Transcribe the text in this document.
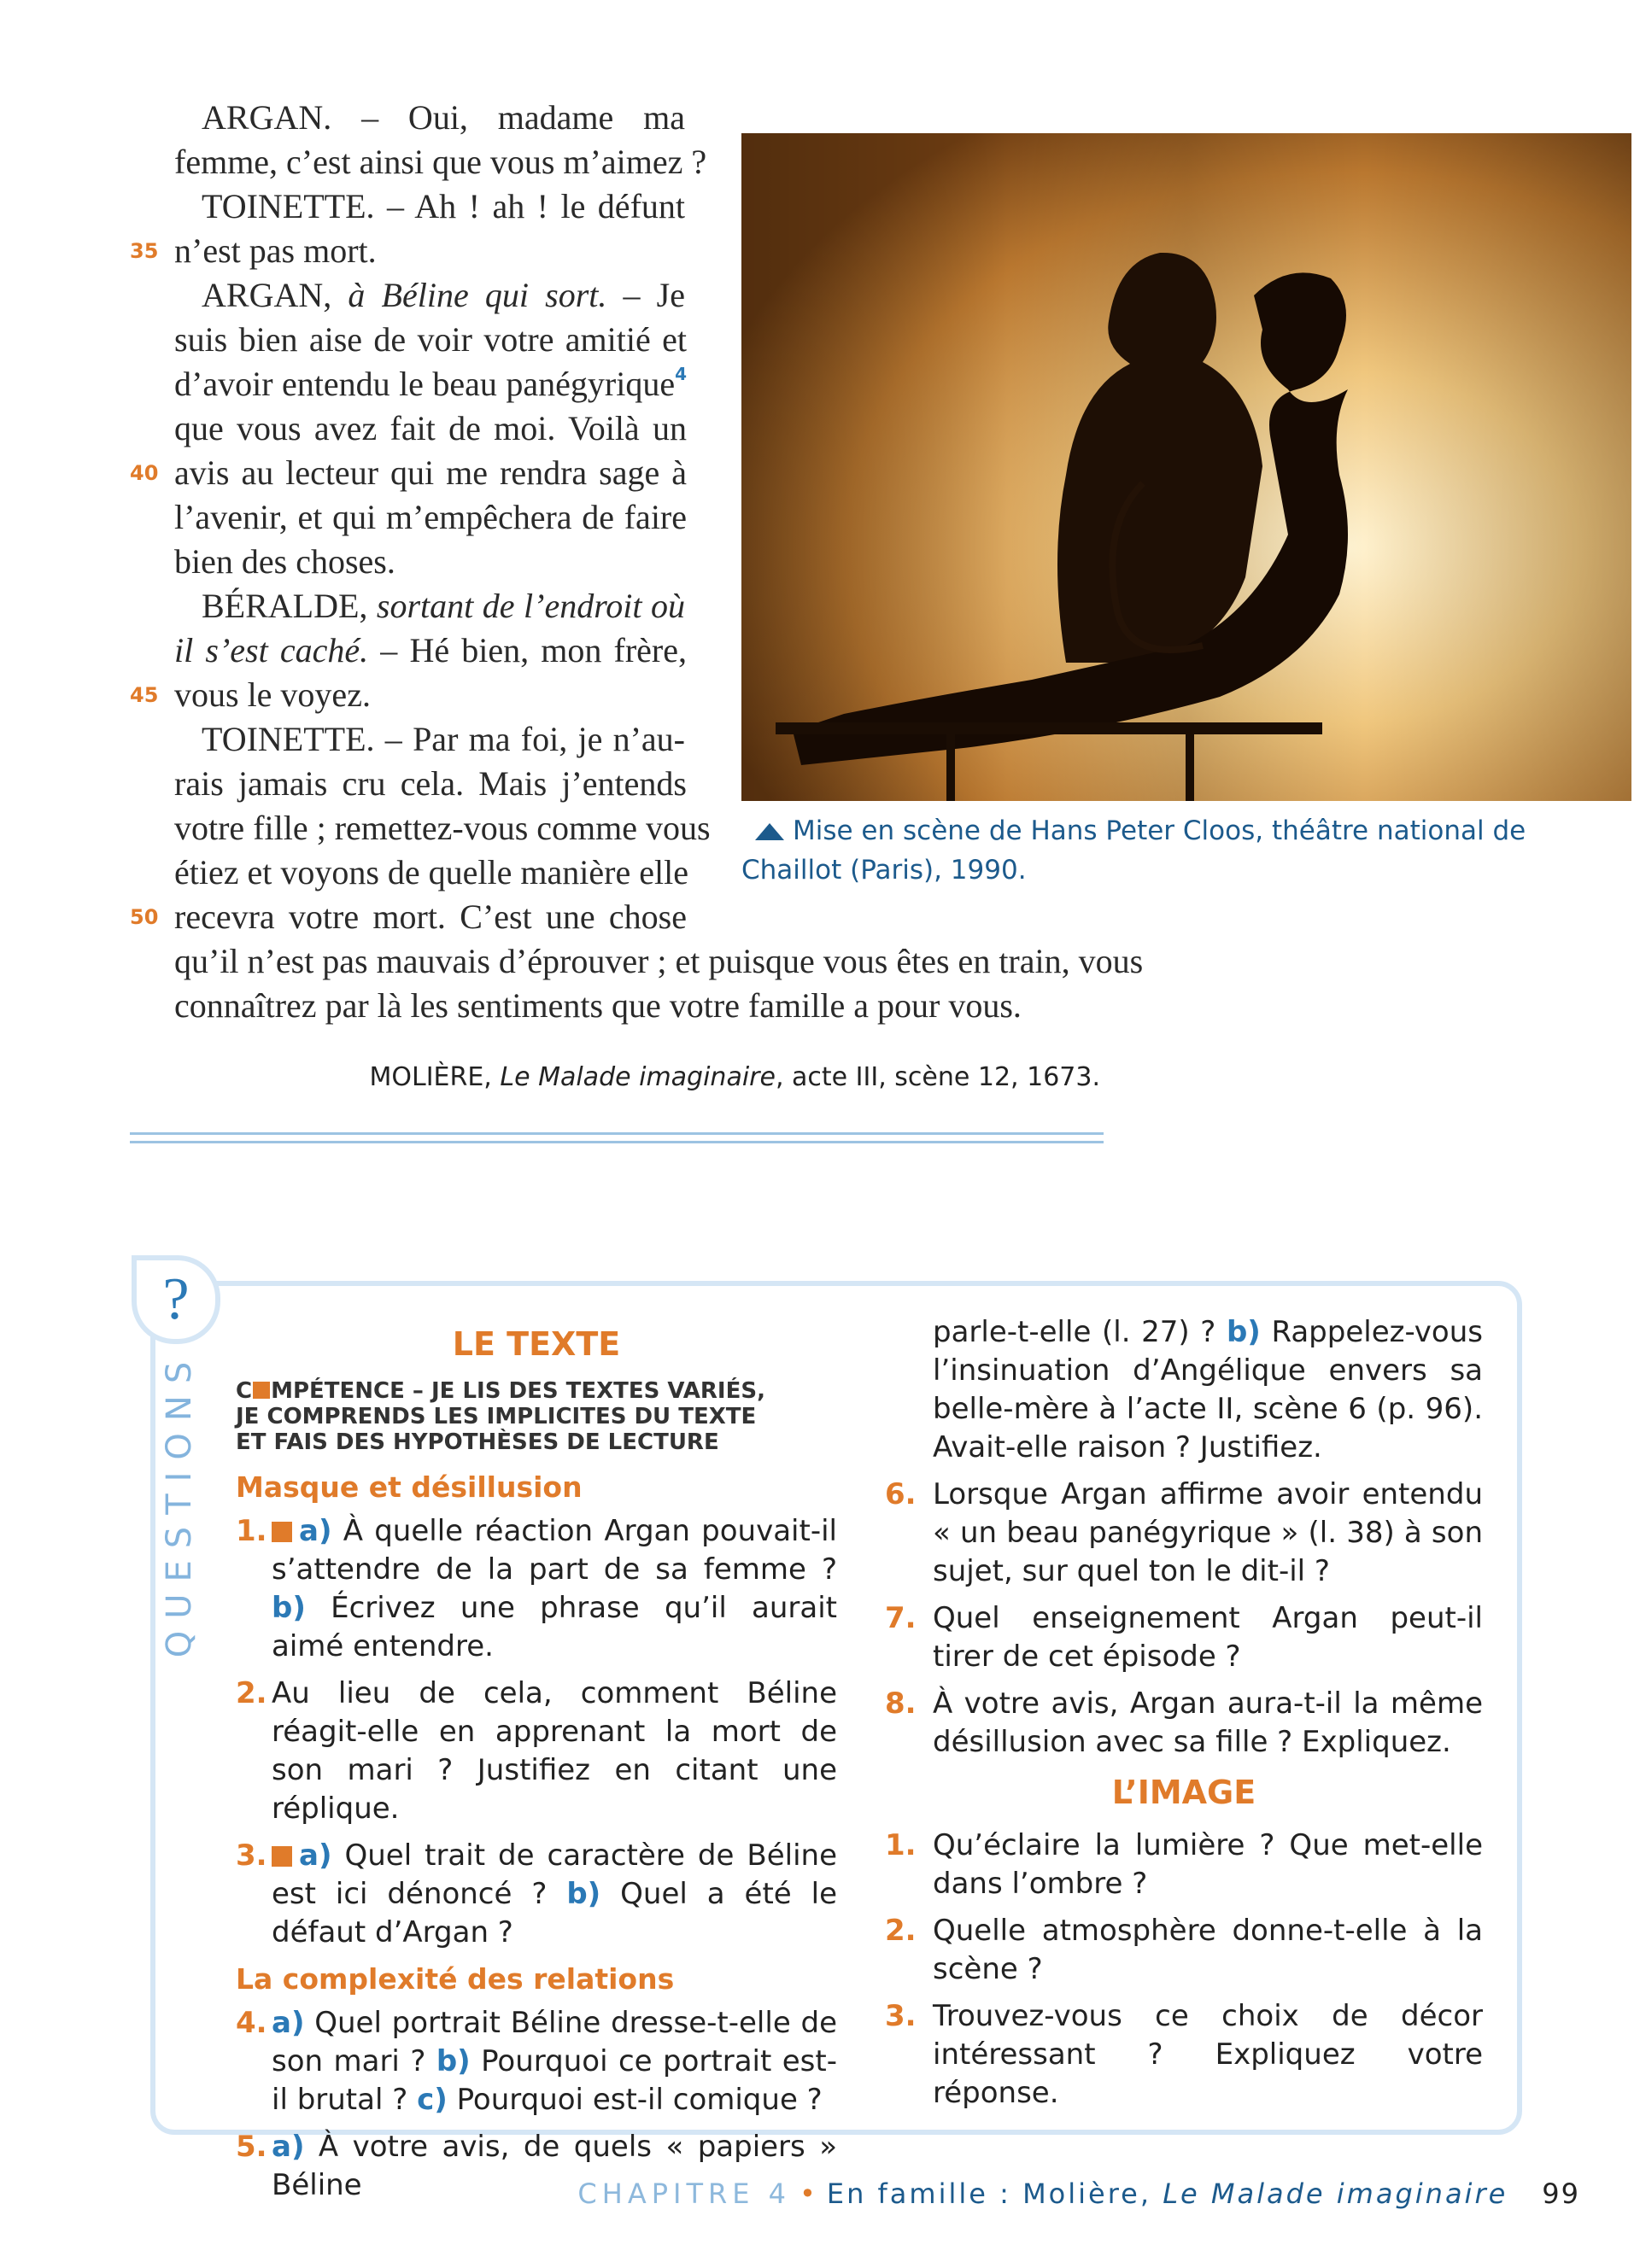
ARGAN. – Oui, madame ma
femme, c’est ainsi que vous m’aimez ?
TOINETTE. – Ah ! ah ! le défunt
35 n’est pas mort.
ARGAN, à Béline qui sort. – Je
suis bien aise de voir votre amitié et
d’avoir entendu le beau panégyrique$^4$
que vous avez fait de moi. Voilà un
40 avis au lecteur qui me rendra sage à
l’avenir, et qui m’empêchera de faire
bien des choses.
BÉRALDE, sortant de l’endroit où
il s’est caché. – Hé bien, mon frère,
45 vous le voyez.
TOINETTE. – Par ma foi, je n’au-
rais jamais cru cela. Mais j’entends
votre fille ; remettez-vous comme vous
étiez et voyons de quelle manière elle
50 recevra votre mort. C’est une chose
qu’il n’est pas mauvais d’éprouver ; et puisque vous êtes en train, vous
connaîtrez par là les sentiments que votre famille a pour vous.
Mise en scène de Hans Peter Cloos, théâtre national de Chaillot (Paris), 1990.
MOLIÈRE, Le Malade imaginaire, acte III, scène 12, 1673.
?
QUESTIONS
LE TEXTE
C MPÉTENCE – JE LIS DES TEXTES VARIÉS,
JE COMPRENDS LES IMPLICITES DU TEXTE
ET FAIS DES HYPOTHÈSES DE LECTURE
Masque et désillusion
1. a) À quelle réaction Argan pouvait-il s’attendre de la part de sa femme ? b) Écrivez une phrase qu’il aurait aimé entendre.
2. Au lieu de cela, comment Béline réagit-elle en apprenant la mort de son mari ? Justifiez en citant une réplique.
3. a) Quel trait de caractère de Béline est ici dénoncé ? b) Quel a été le défaut d’Argan ?
La complexité des relations
4. a) Quel portrait Béline dresse-t-elle de son mari ? b) Pourquoi ce portrait est-il brutal ? c) Pourquoi est-il comique ?
5. a) À votre avis, de quels « papiers » Béline
parle-t-elle (l. 27) ? b) Rappelez-vous l’insinuation d’Angélique envers sa belle-mère à l’acte II, scène 6 (p. 96). Avait-elle raison ? Justifiez.
6. Lorsque Argan affirme avoir entendu « un beau panégyrique » (l. 38) à son sujet, sur quel ton le dit-il ?
7. Quel enseignement Argan peut-il tirer de cet épisode ?
8. À votre avis, Argan aura-t-il la même désillusion avec sa fille ? Expliquez.
L’IMAGE
1. Qu’éclaire la lumière ? Que met-elle dans l’ombre ?
2. Quelle atmosphère donne-t-elle à la scène ?
3. Trouvez-vous ce choix de décor intéressant ? Expliquez votre réponse.
CHAPITRE 4 • En famille : Molière, Le Malade imaginaire 99
